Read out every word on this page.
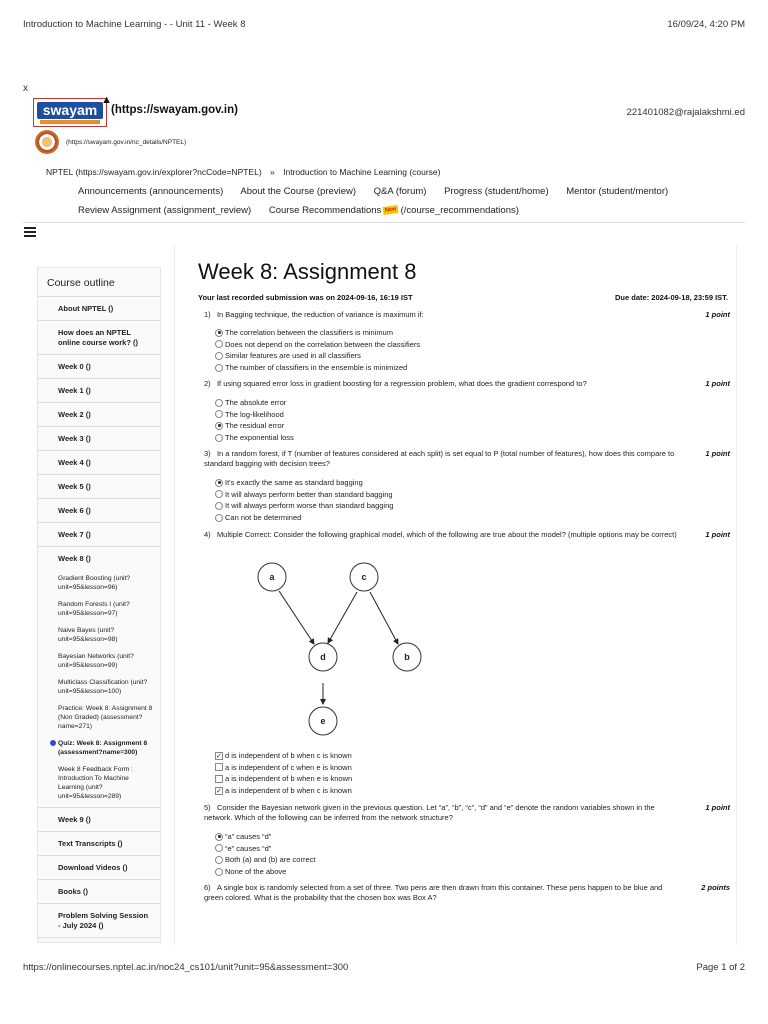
Introduction to Machine Learning - - Unit 11 - Week 8	16/09/24, 4:20 PM
x
swayam
▲
(https://swayam.gov.in)	221401082@rajalakshmi.ed
(https://swayam.gov.in/nc_details/NPTEL)
NPTEL (https://swayam.gov.in/explorer?ncCode=NPTEL) » Introduction to Machine Learning (course)
Announcements (announcements) About the Course (preview) Q&A (forum) Progress (student/home) Mentor (student/mentor)
Review Assignment (assignment_review) Course Recommendations New (/course_recommendations)
Course outline
About NPTEL ()
How does an NPTEL online course work? ()
Week 0 ()
Week 1 ()
Week 2 ()
Week 3 ()
Week 4 ()
Week 5 ()
Week 6 ()
Week 7 ()
Week 8 ()
Gradient Boosting (unit?unit=95&lesson=96)
Random Forests I (unit?unit=95&lesson=97)
Naive Bayes (unit?unit=95&lesson=98)
Bayesian Networks (unit?unit=95&lesson=99)
Multiclass Classification (unit?unit=95&lesson=100)
Practice: Week 8: Assignment 8 (Non Graded) (assessment?name=271)
Quiz: Week 8: Assignment 8 (assessment?name=300)
Week 8 Feedback Form : Introduction To Machine Learning (unit?unit=95&lesson=289)
Week 9 ()
Text Transcripts ()
Download Videos ()
Books ()
Problem Solving Session - July 2024 ()
Week 8: Assignment 8
Your last recorded submission was on 2024-09-16, 16:19 IST	Due date: 2024-09-18, 23:59 IST.
1) In Bagging technique, the reduction of variance is maximum if:	1 point
The correlation between the classifiers is minimum
Does not depend on the correlation between the classifiers
Similar features are used in all classifiers
The number of classifiers in the ensemble is minimized
2) If using squared error loss in gradient boosting for a regression problem, what does the gradient correspond to?	1 point
The absolute error
The log-likelihood
The residual error
The exponential loss
3) In a random forest, if T (number of features considered at each split) is set equal to P (total number of features), how does this compare to standard bagging with decision trees?
1 point
It's exactly the same as standard bagging
It will always perform better than standard bagging
It will always perform worse than standard bagging
Can not be determined
4) Multiple Correct: Consider the following graphical model, which of the following are true about the model? (multiple options may be correct)	1 point
a	c
d	b
e
✓ d is independent of b when c is known
a is independent of c when e is known
a is independent of b when e is known
✓ a is independent of b when c is known
5) Consider the Bayesian network given in the previous question. Let “a”, “b”, “c”, “d” and “e” denote the random variables shown in the network. Which of the following can be inferred from the network structure?
1 point
“a” causes “d”
“e” causes “d”
Both (a) and (b) are correct
None of the above
6) A single box is randomly selected from a set of three. Two pens are then drawn from this container. These pens happen to be blue and green colored. What is the probability that the chosen box was Box A?
2 points
https://onlinecourses.nptel.ac.in/noc24_cs101/unit?unit=95&assessment=300	Page 1 of 2
